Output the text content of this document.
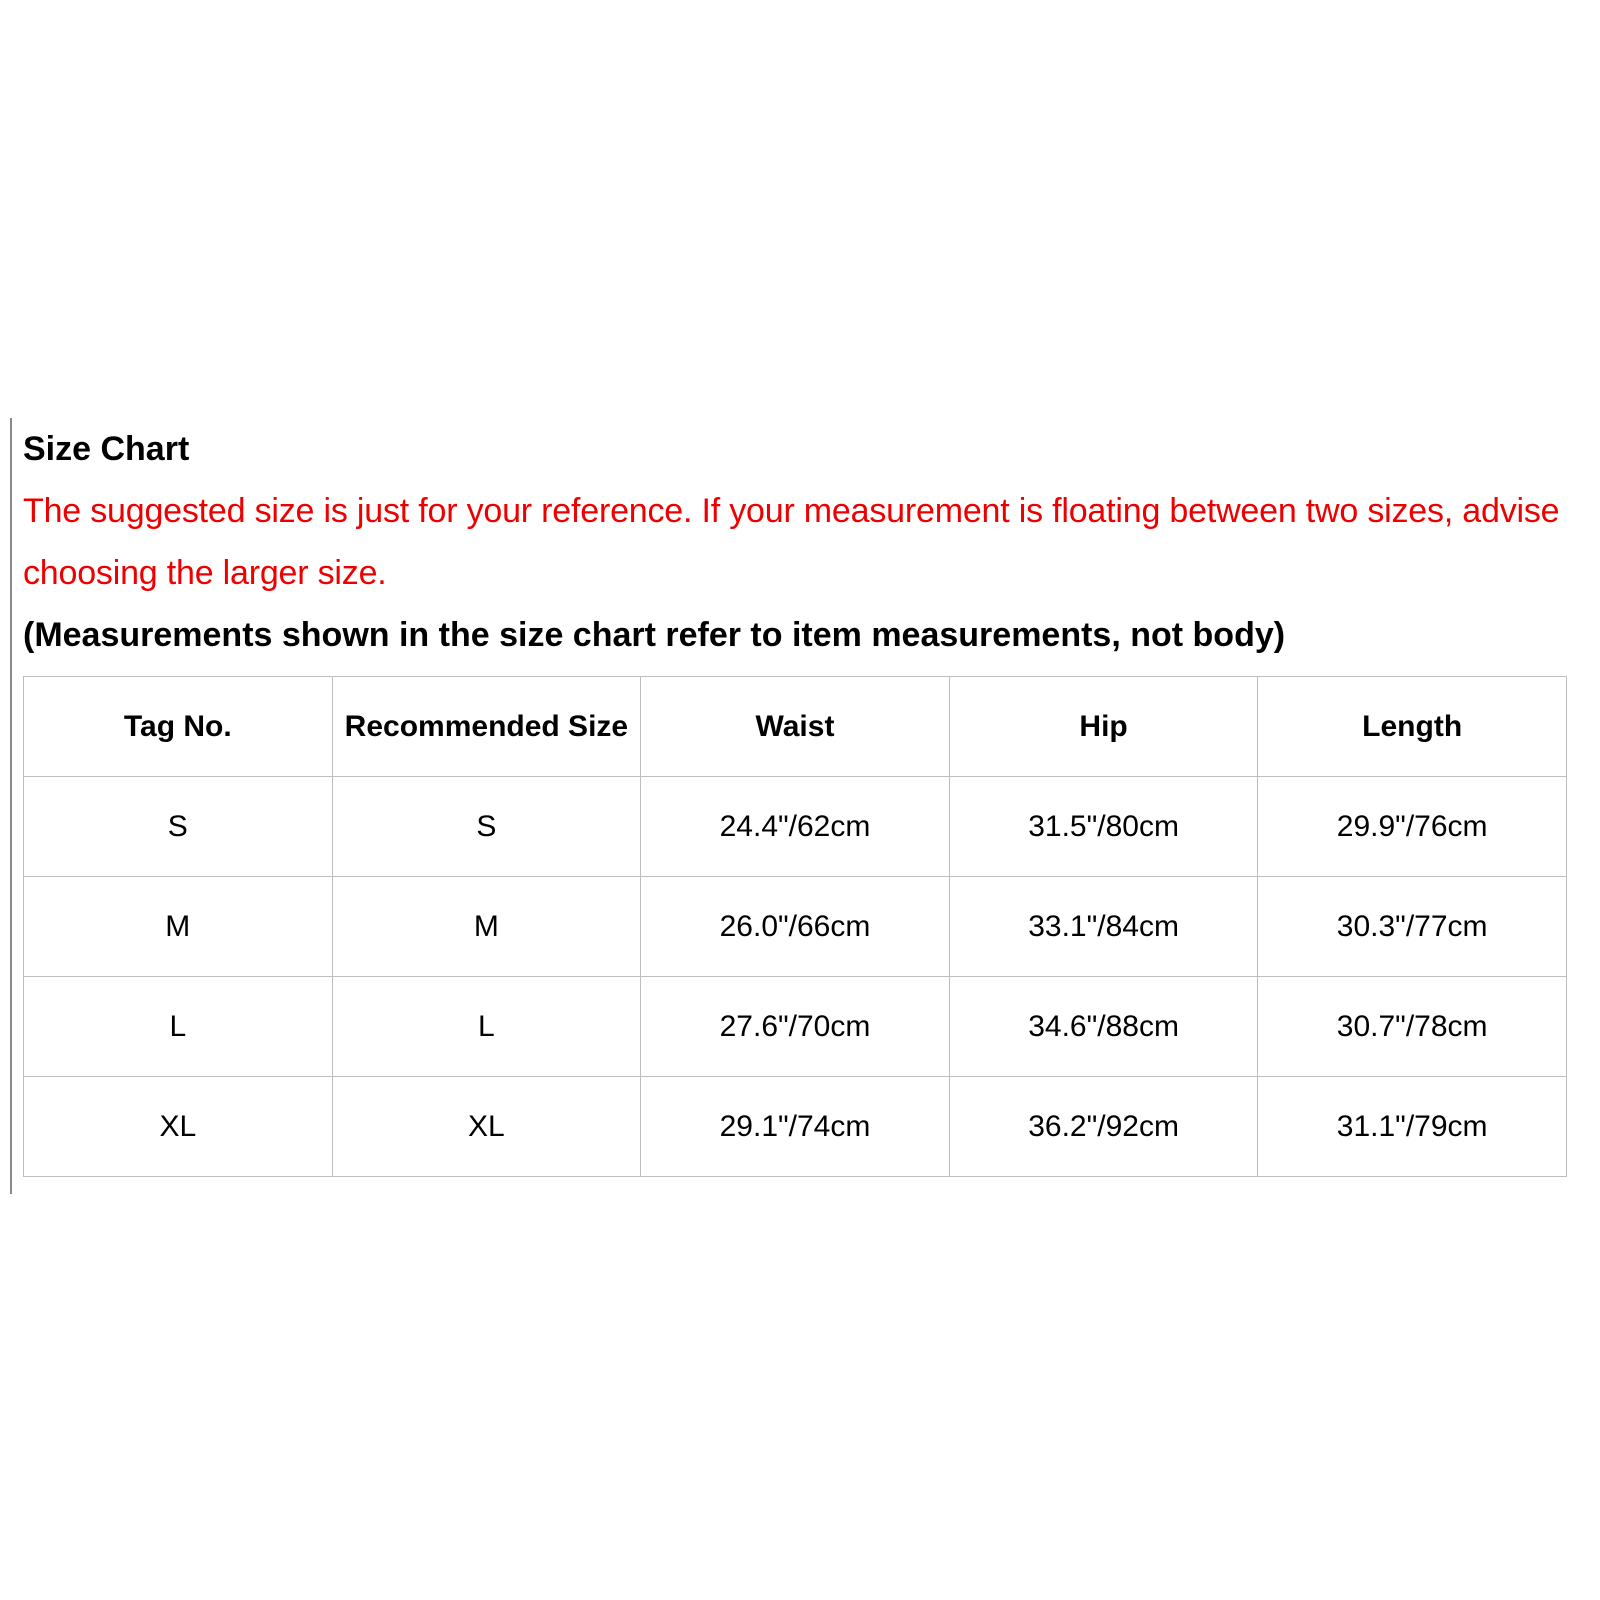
Size Chart
The suggested size is just for your reference. If your measurement is floating between two sizes, advise choosing the larger size.
(Measurements shown in the size chart refer to item measurements, not body)
Tag No.	Recommended Size	Waist	Hip	Length
S	S	24.4"/62cm	31.5"/80cm	29.9"/76cm
M	M	26.0"/66cm	33.1"/84cm	30.3"/77cm
L	L	27.6"/70cm	34.6"/88cm	30.7"/78cm
XL	XL	29.1"/74cm	36.2"/92cm	31.1"/79cm
